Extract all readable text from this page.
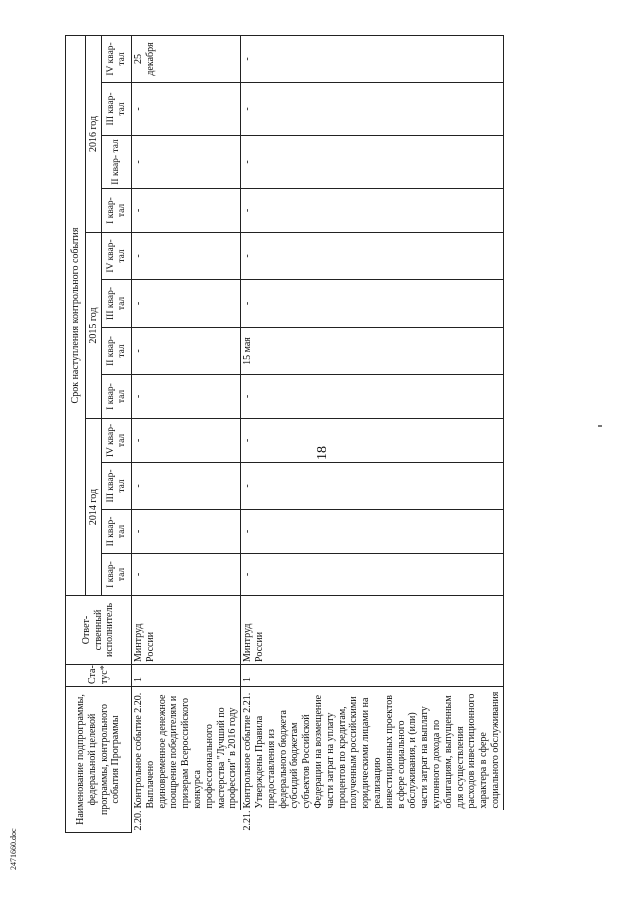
18
2471660.doc
Наименование подпрограммы, федеральной целевой программы, контрольного события Программы		Ста- тус*	Ответ- ственный исполнитель	Срок наступления контрольного события											
				2014 год				2015 год				2016 год			
				I квар- тал	II квар- тал	III квар- тал	IV квар- тал	I квар- тал	II квар- тал	III квар- тал	IV квар- тал	I квар- тал	II квар- тал	III квар- тал	IV квар- тал
2.20.	Контрольное событие 2.20. Выплачено единовременное денежное поощрение победителям и призерам Всероссийского конкурса профессионального мастерства "Лучший по профессии" в 2016 году	1	Минтруд России	-	-	-	-	-	-	-	-	-	-	-	25 декабря
2.21.	Контрольное событие 2.21. Утверждены Правила предоставления из федерального бюджета субсидий бюджетам субъектов Российской Федерации на возмещение части затрат на уплату процентов по кредитам, полученным российскими юридическими лицами на реализацию инвестиционных проектов в сфере социального обслуживания, и (или) части затрат на выплату купонного дохода по облигациям, выпущенным для осуществления расходов инвестиционного характера в сфере социального обслуживания	1	Минтруд России	-	-	-	-	-	15 мая	-	-	-	-	-	-
